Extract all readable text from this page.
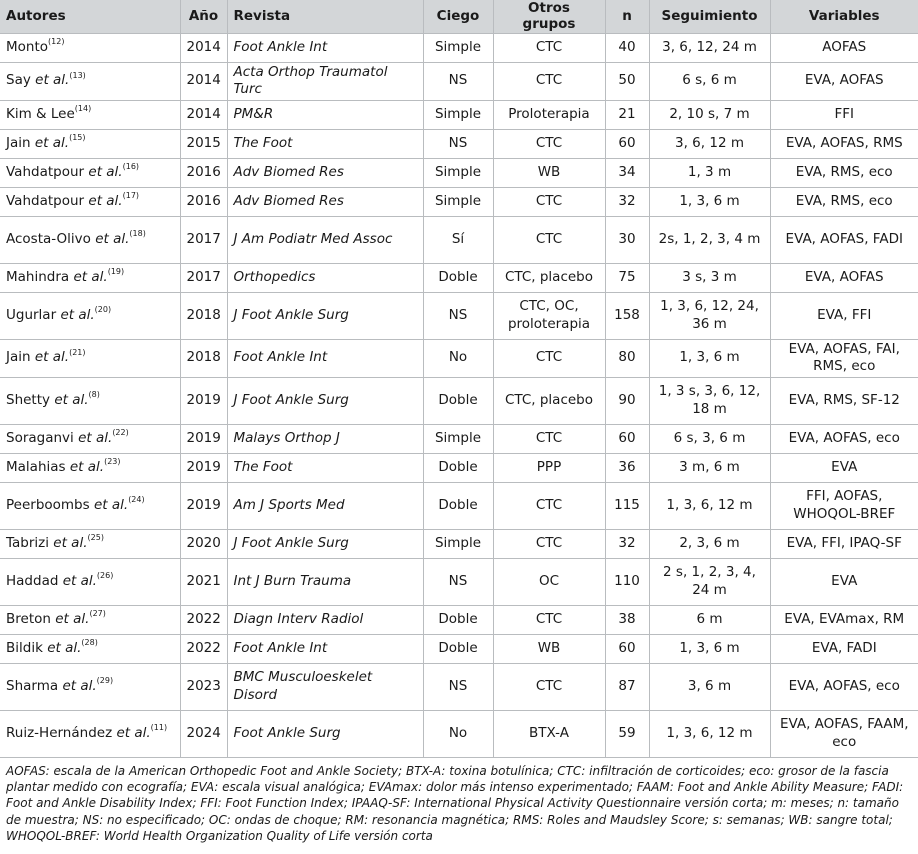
Autores	Año	Revista	Ciego	Otros grupos	n	Seguimiento	Variables
Monto$^{(12)}$	2014	Foot Ankle Int	Simple	CTC	40	3, 6, 12, 24 m	AOFAS
Say et al.$^{(13)}$	2014	Acta Orthop Traumatol Turc	NS	CTC	50	6 s, 6 m	EVA, AOFAS
Kim & Lee$^{(14)}$	2014	PM&R	Simple	Proloterapia	21	2, 10 s, 7 m	FFI
Jain et al.$^{(15)}$	2015	The Foot	NS	CTC	60	3, 6, 12 m	EVA, AOFAS, RMS
Vahdatpour et al.$^{(16)}$	2016	Adv Biomed Res	Simple	WB	34	1, 3 m	EVA, RMS, eco
Vahdatpour et al.$^{(17)}$	2016	Adv Biomed Res	Simple	CTC	32	1, 3, 6 m	EVA, RMS, eco
Acosta-Olivo et al.$^{(18)}$	2017	J Am Podiatr Med Assoc	Sí	CTC	30	2s, 1, 2, 3, 4 m	EVA, AOFAS, FADI
Mahindra et al.$^{(19)}$	2017	Orthopedics	Doble	CTC, placebo	75	3 s, 3 m	EVA, AOFAS
Ugurlar et al.$^{(20)}$	2018	J Foot Ankle Surg	NS	CTC, OC, proloterapia	158	1, 3, 6, 12, 24, 36 m	EVA, FFI
Jain et al.$^{(21)}$	2018	Foot Ankle Int	No	CTC	80	1, 3, 6 m	EVA, AOFAS, FAI, RMS, eco
Shetty et al.$^{(8)}$	2019	J Foot Ankle Surg	Doble	CTC, placebo	90	1, 3 s, 3, 6, 12, 18 m	EVA, RMS, SF-12
Soraganvi et al.$^{(22)}$	2019	Malays Orthop J	Simple	CTC	60	6 s, 3, 6 m	EVA, AOFAS, eco
Malahias et al.$^{(23)}$	2019	The Foot	Doble	PPP	36	3 m, 6 m	EVA
Peerboombs et al.$^{(24)}$	2019	Am J Sports Med	Doble	CTC	115	1, 3, 6, 12 m	FFI, AOFAS, WHOQOL-BREF
Tabrizi et al.$^{(25)}$	2020	J Foot Ankle Surg	Simple	CTC	32	2, 3, 6 m	EVA, FFI, IPAQ-SF
Haddad et al.$^{(26)}$	2021	Int J Burn Trauma	NS	OC	110	2 s, 1, 2, 3, 4, 24 m	EVA
Breton et al.$^{(27)}$	2022	Diagn Interv Radiol	Doble	CTC	38	6 m	EVA, EVAmax, RM
Bildik et al.$^{(28)}$	2022	Foot Ankle Int	Doble	WB	60	1, 3, 6 m	EVA, FADI
Sharma et al.$^{(29)}$	2023	BMC Musculoeskelet Disord	NS	CTC	87	3, 6 m	EVA, AOFAS, eco
Ruiz-Hernández et al.$^{(11)}$	2024	Foot Ankle Surg	No	BTX-A	59	1, 3, 6, 12 m	EVA, AOFAS, FAAM, eco
AOFAS: escala de la American Orthopedic Foot and Ankle Society; BTX-A: toxina botulínica; CTC: infiltración de corticoides; eco: grosor de la fascia plantar medido con ecografía; EVA: escala visual analógica; EVAmax: dolor más intenso experimentado; FAAM: Foot and Ankle Ability Measure; FADI: Foot and Ankle Disability Index; FFI: Foot Function Index; IPAAQ-SF: International Physical Activity Questionnaire versión corta; m: meses; n: tamaño de muestra; NS: no especificado; OC: ondas de choque; RM: resonancia magnética; RMS: Roles and Maudsley Score; s: semanas; WB: sangre total; WHOQOL-BREF: World Health Organization Quality of Life versión corta
